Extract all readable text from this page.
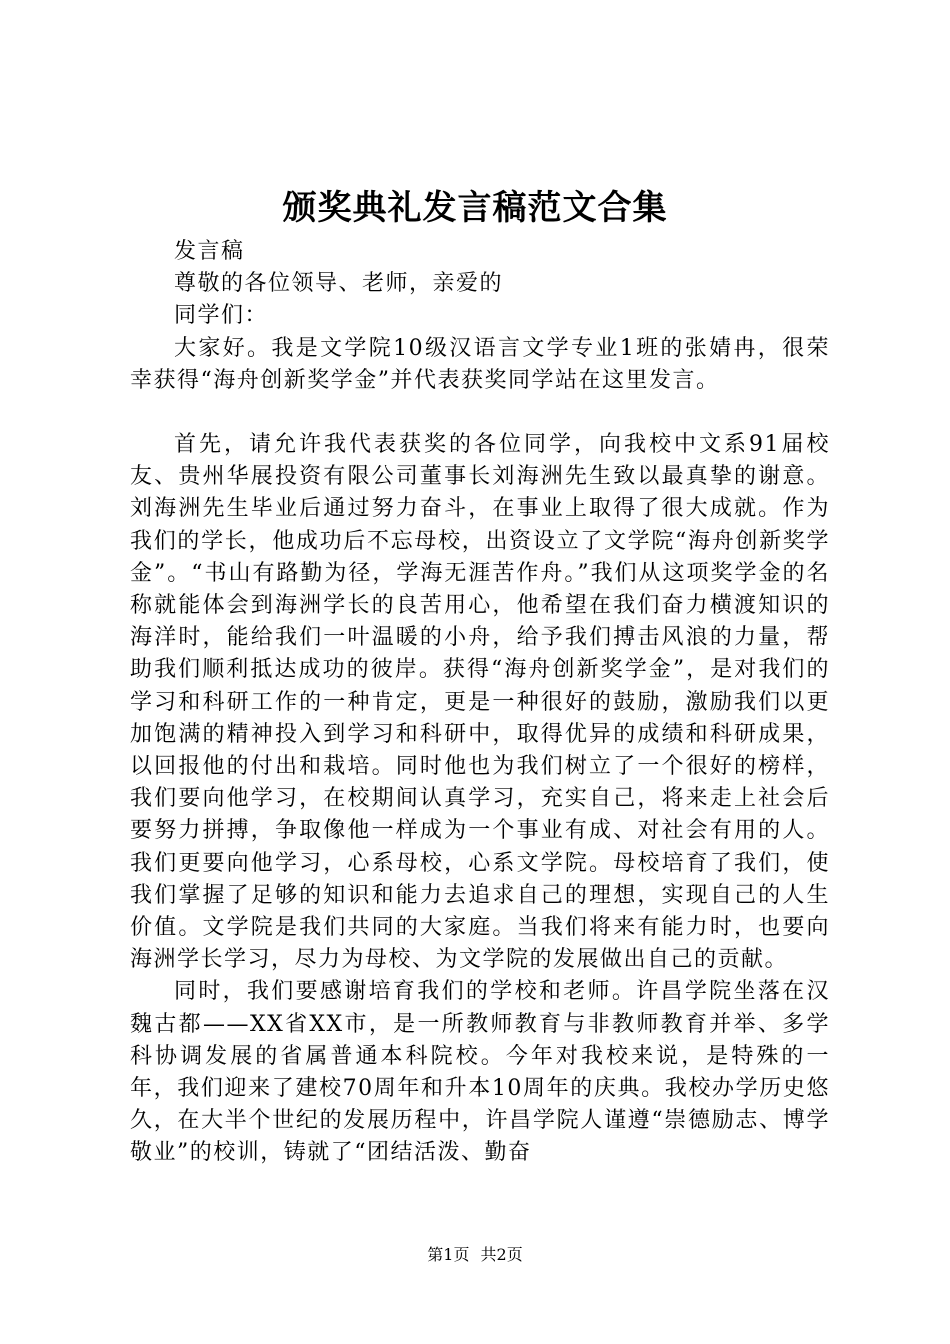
颁奖典礼发言稿范文合集

发言稿

尊敬的各位领导、老师，亲爱的

同学们：

大家好。我是文学院10级汉语言文学专业1班的张婧冉，很荣幸获得“海舟创新奖学金”并代表获奖同学站在这里发言。

首先，请允许我代表获奖的各位同学，向我校中文系91届校友、贵州华展投资有限公司董事长刘海洲先生致以最真挚的谢意。刘海洲先生毕业后通过努力奋斗，在事业上取得了很大成就。作为我们的学长，他成功后不忘母校，出资设立了文学院“海舟创新奖学金”。“书山有路勤为径，学海无涯苦作舟。”我们从这项奖学金的名称就能体会到海洲学长的良苦用心，他希望在我们奋力横渡知识的海洋时，能给我们一叶温暖的小舟，给予我们搏击风浪的力量，帮助我们顺利抵达成功的彼岸。获得“海舟创新奖学金”，是对我们的学习和科研工作的一种肯定，更是一种很好的鼓励，激励我们以更加饱满的精神投入到学习和科研中，取得优异的成绩和科研成果，以回报他的付出和栽培。同时他也为我们树立了一个很好的榜样，我们要向他学习，在校期间认真学习，充实自己，将来走上社会后要努力拼搏，争取像他一样成为一个事业有成、对社会有用的人。我们更要向他学习，心系母校，心系文学院。母校培育了我们，使我们掌握了足够的知识和能力去追求自己的理想，实现自己的人生价值。文学院是我们共同的大家庭。当我们将来有能力时，也要向海洲学长学习，尽力为母校、为文学院的发展做出自己的贡献。

同时，我们要感谢培育我们的学校和老师。许昌学院坐落在汉魏古都——XX省XX市，是一所教师教育与非教师教育并举、多学科协调发展的省属普通本科院校。今年对我校来说，是特殊的一年，我们迎来了建校70周年和升本10周年的庆典。我校办学历史悠久，在大半个世纪的发展历程中，许昌学院人谨遵“崇德励志、博学敬业”的校训，铸就了“团结活泼、勤奋

第1页 共2页
